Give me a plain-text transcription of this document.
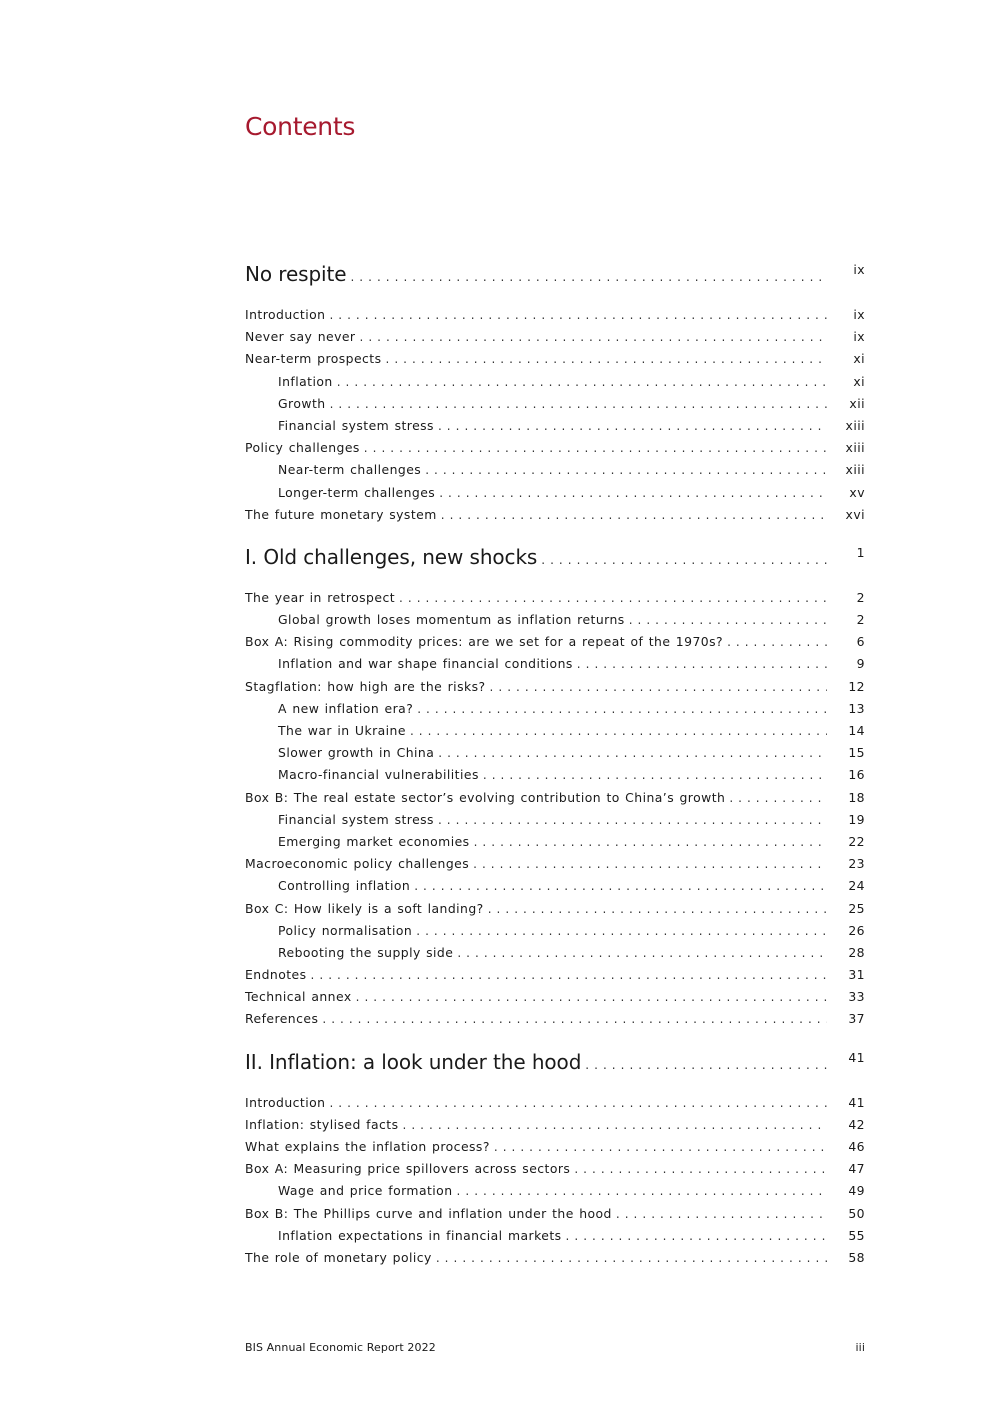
Contents
No respite . . .	ix
Introduction . . .	ix
Never say never . . .	ix
Near-term prospects . . .	xi
Inflation . . .	xi
Growth . . .	xii
Financial system stress . . .	xiii
Policy challenges . . .	xiii
Near-term challenges . . .	xiii
Longer-term challenges . . .	xv
The future monetary system . . .	xvi
I. Old challenges, new shocks . . .	1
The year in retrospect . . .	2
Global growth loses momentum as inflation returns . . .	2
Box A: Rising commodity prices: are we set for a repeat of the 1970s? . . .	6
Inflation and war shape financial conditions . . .	9
Stagflation: how high are the risks? . . .	12
A new inflation era? . . .	13
The war in Ukraine . . .	14
Slower growth in China . . .	15
Macro-financial vulnerabilities . . .	16
Box B: The real estate sector’s evolving contribution to China’s growth . . .	18
Financial system stress . . .	19
Emerging market economies . . .	22
Macroeconomic policy challenges . . .	23
Controlling inflation . . .	24
Box C: How likely is a soft landing? . . .	25
Policy normalisation . . .	26
Rebooting the supply side . . .	28
Endnotes . . .	31
Technical annex . . .	33
References . . .	37
II. Inflation: a look under the hood . . .	41
Introduction . . .	41
Inflation: stylised facts . . .	42
What explains the inflation process? . . .	46
Box A: Measuring price spillovers across sectors . . .	47
Wage and price formation . . .	49
Box B: The Phillips curve and inflation under the hood . . .	50
Inflation expectations in financial markets . . .	55
The role of monetary policy . . .	58
BIS Annual Economic Report 2022	iii
